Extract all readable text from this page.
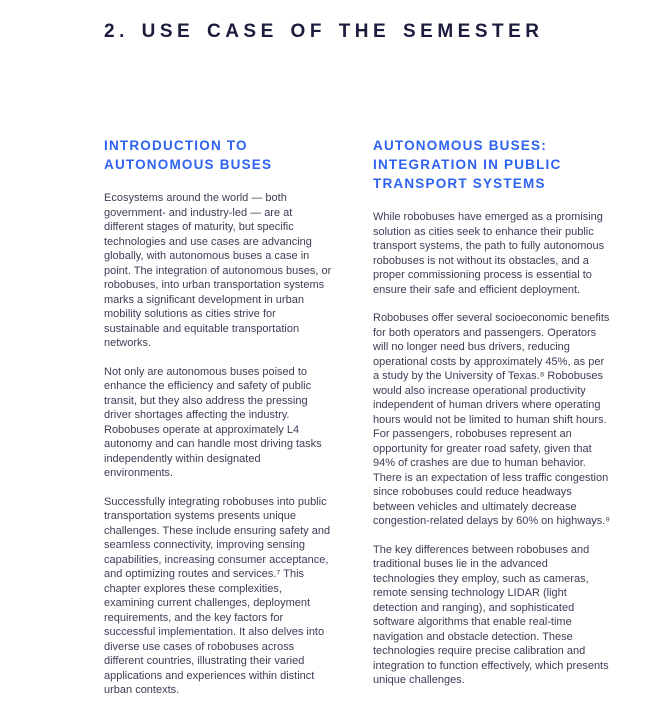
2. USE CASE OF THE SEMESTER
INTRODUCTION TO AUTONOMOUS BUSES

Ecosystems around the world — both government- and industry-led — are at different stages of maturity, but specific technologies and use cases are advancing globally, with autonomous buses a case in point. The integration of autonomous buses, or robobuses, into urban transportation systems marks a significant development in urban mobility solutions as cities strive for sustainable and equitable transportation networks.

Not only are autonomous buses poised to enhance the efficiency and safety of public transit, but they also address the pressing driver shortages affecting the industry. Robobuses operate at approximately L4 autonomy and can handle most driving tasks independently within designated environments.

Successfully integrating robobuses into public transportation systems presents unique challenges. These include ensuring safety and seamless connectivity, improving sensing capabilities, increasing consumer acceptance, and optimizing routes and services.⁷ This chapter explores these complexities, examining current challenges, deployment requirements, and the key factors for successful implementation. It also delves into diverse use cases of robobuses across different countries, illustrating their varied applications and experiences within distinct urban contexts.

AUTONOMOUS BUSES: INTEGRATION IN PUBLIC TRANSPORT SYSTEMS

While robobuses have emerged as a promising solution as cities seek to enhance their public transport systems, the path to fully autonomous robobuses is not without its obstacles, and a proper commissioning process is essential to ensure their safe and efficient deployment.

Robobuses offer several socioeconomic benefits for both operators and passengers. Operators will no longer need bus drivers, reducing operational costs by approximately 45%, as per a study by the University of Texas.⁸ Robobuses would also increase operational productivity independent of human drivers where operating hours would not be limited to human shift hours. For passengers, robobuses represent an opportunity for greater road safety, given that 94% of crashes are due to human behavior. There is an expectation of less traffic congestion since robobuses could reduce headways between vehicles and ultimately decrease congestion-related delays by 60% on highways.⁹

The key differences between robobuses and traditional buses lie in the advanced technologies they employ, such as cameras, remote sensing technology LIDAR (light detection and ranging), and sophisticated software algorithms that enable real-time navigation and obstacle detection. These technologies require precise calibration and integration to function effectively, which presents unique challenges.
